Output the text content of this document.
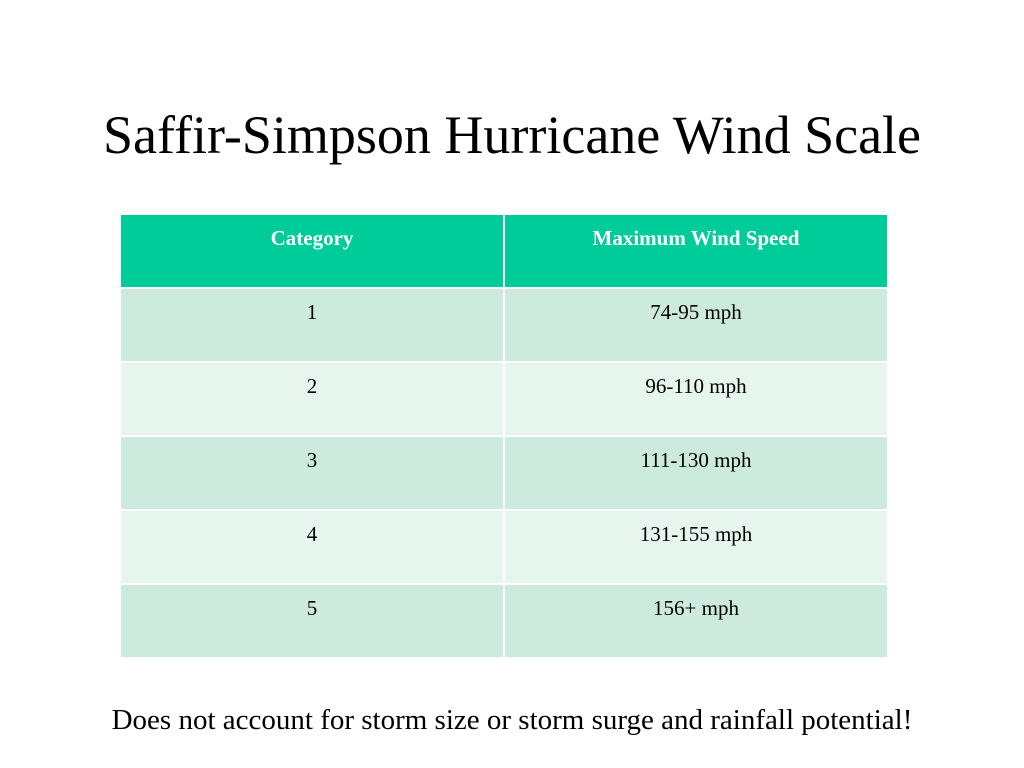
Saffir-Simpson Hurricane Wind Scale
Category	Maximum Wind Speed
1	74-95 mph
2	96-110 mph
3	111-130 mph
4	131-155 mph
5	156+ mph
Does not account for storm size or storm surge and rainfall potential!
